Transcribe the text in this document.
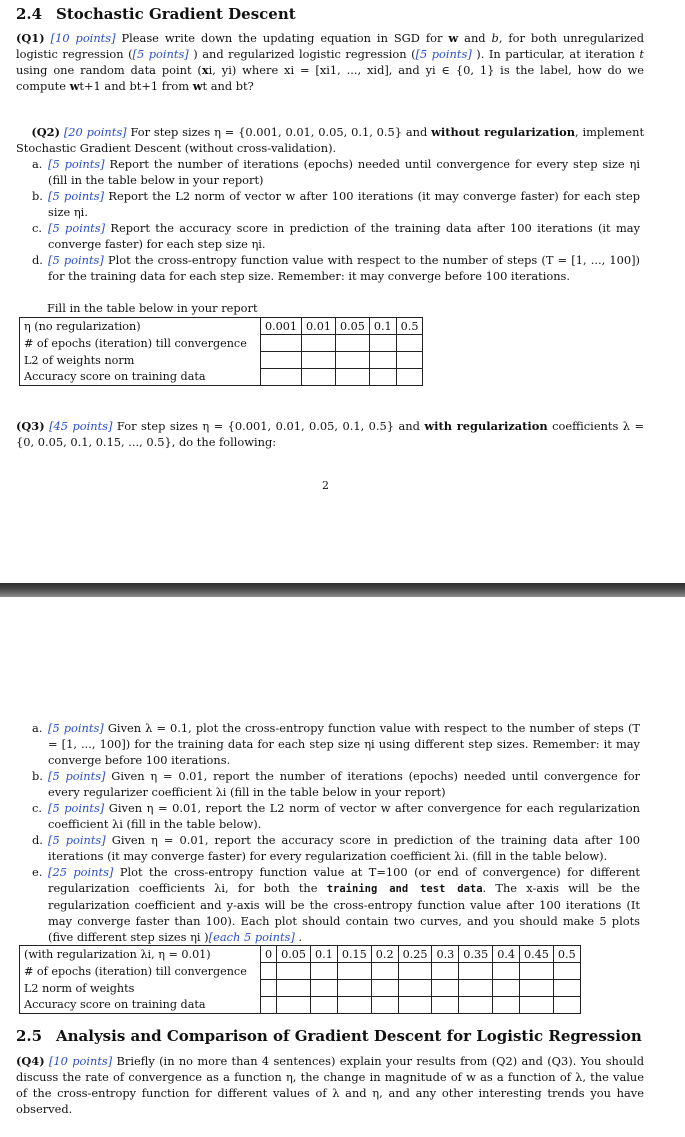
2.4 Stochastic Gradient Descent
(Q1) [10 points] Please write down the updating equation in SGD for w and b, for both unregularized logistic regression ([5 points] ) and regularized logistic regression ([5 points] ). In particular, at iteration t using one random data point (xi, yi) where xi = [xi1, ..., xid], and yi ∈ {0, 1} is the label, how do we compute wt+1 and bt+1 from wt and bt?
(Q2) [20 points] For step sizes η = {0.001, 0.01, 0.05, 0.1, 0.5} and without regularization, implement Stochastic Gradient Descent (without cross-validation).
a. [5 points] Report the number of iterations (epochs) needed until convergence for every step size ηi (fill in the table below in your report)
b. [5 points] Report the L2 norm of vector w after 100 iterations (it may converge faster) for each step size ηi.
c. [5 points] Report the accuracy score in prediction of the training data after 100 iterations (it may converge faster) for each step size ηi.
d. [5 points] Plot the cross-entropy function value with respect to the number of steps (T = [1, ..., 100]) for the training data for each step size. Remember: it may converge before 100 iterations.
Fill in the table below in your report
η (no regularization)	0.001	0.01	0.05	0.1	0.5
# of epochs (iteration) till convergence					
L2 of weights norm					
Accuracy score on training data					
(Q3) [45 points] For step sizes η = {0.001, 0.01, 0.05, 0.1, 0.5} and with regularization coefficients λ = {0, 0.05, 0.1, 0.15, ..., 0.5}, do the following:
2
a. [5 points] Given λ = 0.1, plot the cross-entropy function value with respect to the number of steps (T = [1, ..., 100]) for the training data for each step size ηi using different step sizes. Remember: it may converge before 100 iterations.
b. [5 points] Given η = 0.01, report the number of iterations (epochs) needed until convergence for every regularizer coefficient λi (fill in the table below in your report)
c. [5 points] Given η = 0.01, report the L2 norm of vector w after convergence for each regularization coefficient λi (fill in the table below).
d. [5 points] Given η = 0.01, report the accuracy score in prediction of the training data after 100 iterations (it may converge faster) for every regularization coefficient λi. (fill in the table below).
e. [25 points] Plot the cross-entropy function value at T=100 (or end of convergence) for different regularization coefficients λi, for both the training and test data. The x-axis will be the regularization coefficient and y-axis will be the cross-entropy function value after 100 iterations (It may converge faster than 100). Each plot should contain two curves, and you should make 5 plots (five different step sizes ηi )[each 5 points] .
(with regularization λi, η = 0.01)	0	0.05	0.1	0.15	0.2	0.25	0.3	0.35	0.4	0.45	0.5
# of epochs (iteration) till convergence											
L2 norm of weights											
Accuracy score on training data											
2.5 Analysis and Comparison of Gradient Descent for Logistic Regression
(Q4) [10 points] Briefly (in no more than 4 sentences) explain your results from (Q2) and (Q3). You should discuss the rate of convergence as a function η, the change in magnitude of w as a function of λ, the value of the cross-entropy function for different values of λ and η, and any other interesting trends you have observed.
